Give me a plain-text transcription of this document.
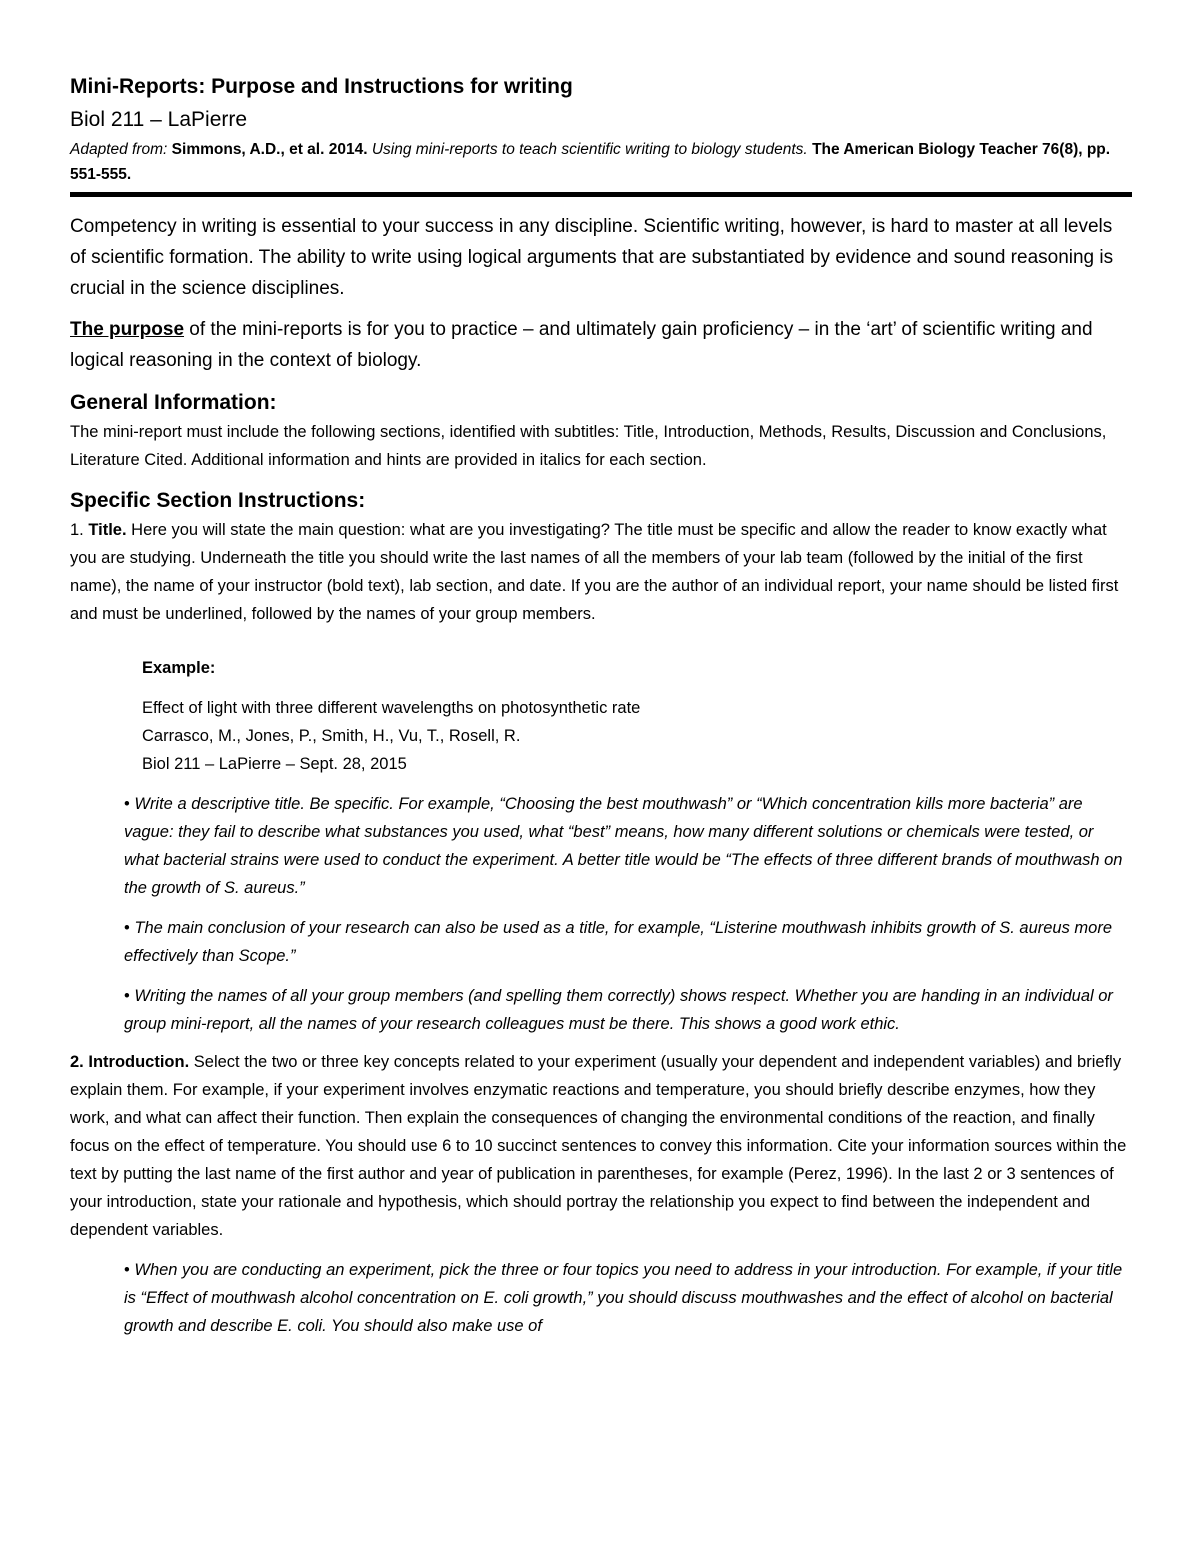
Mini-Reports: Purpose and Instructions for writing

Biol 211 – LaPierre

Adapted from: Simmons, A.D., et al. 2014. Using mini-reports to teach scientific writing to biology students. The American Biology Teacher 76(8), pp. 551-555.

Competency in writing is essential to your success in any discipline. Scientific writing, however, is hard to master at all levels of scientific formation. The ability to write using logical arguments that are substantiated by evidence and sound reasoning is crucial in the science disciplines.

The purpose of the mini-reports is for you to practice – and ultimately gain proficiency – in the ‘art’ of scientific writing and logical reasoning in the context of biology.

General Information:

The mini-report must include the following sections, identified with subtitles: Title, Introduction, Methods, Results, Discussion and Conclusions, Literature Cited. Additional information and hints are provided in italics for each section.

Specific Section Instructions:

1. Title. Here you will state the main question: what are you investigating? The title must be specific and allow the reader to know exactly what you are studying. Underneath the title you should write the last names of all the members of your lab team (followed by the initial of the first name), the name of your instructor (bold text), lab section, and date. If you are the author of an individual report, your name should be listed first and must be underlined, followed by the names of your group members.

Example:

Effect of light with three different wavelengths on photosynthetic rate

Carrasco, M., Jones, P., Smith, H., Vu, T., Rosell, R.

Biol 211 – LaPierre – Sept. 28, 2015

• Write a descriptive title. Be specific. For example, “Choosing the best mouthwash” or “Which concentration kills more bacteria” are vague: they fail to describe what substances you used, what “best” means, how many different solutions or chemicals were tested, or what bacterial strains were used to conduct the experiment. A better title would be “The effects of three different brands of mouthwash on the growth of S. aureus.”

• The main conclusion of your research can also be used as a title, for example, “Listerine mouthwash inhibits growth of S. aureus more effectively than Scope.”

• Writing the names of all your group members (and spelling them correctly) shows respect. Whether you are handing in an individual or group mini-report, all the names of your research colleagues must be there. This shows a good work ethic.

2. Introduction. Select the two or three key concepts related to your experiment (usually your dependent and independent variables) and briefly explain them. For example, if your experiment involves enzymatic reactions and temperature, you should briefly describe enzymes, how they work, and what can affect their function. Then explain the consequences of changing the environmental conditions of the reaction, and finally focus on the effect of temperature. You should use 6 to 10 succinct sentences to convey this information. Cite your information sources within the text by putting the last name of the first author and year of publication in parentheses, for example (Perez, 1996). In the last 2 or 3 sentences of your introduction, state your rationale and hypothesis, which should portray the relationship you expect to find between the independent and dependent variables.

• When you are conducting an experiment, pick the three or four topics you need to address in your introduction. For example, if your title is “Effect of mouthwash alcohol concentration on E. coli growth,” you should discuss mouthwashes and the effect of alcohol on bacterial growth and describe E. coli. You should also make use of
